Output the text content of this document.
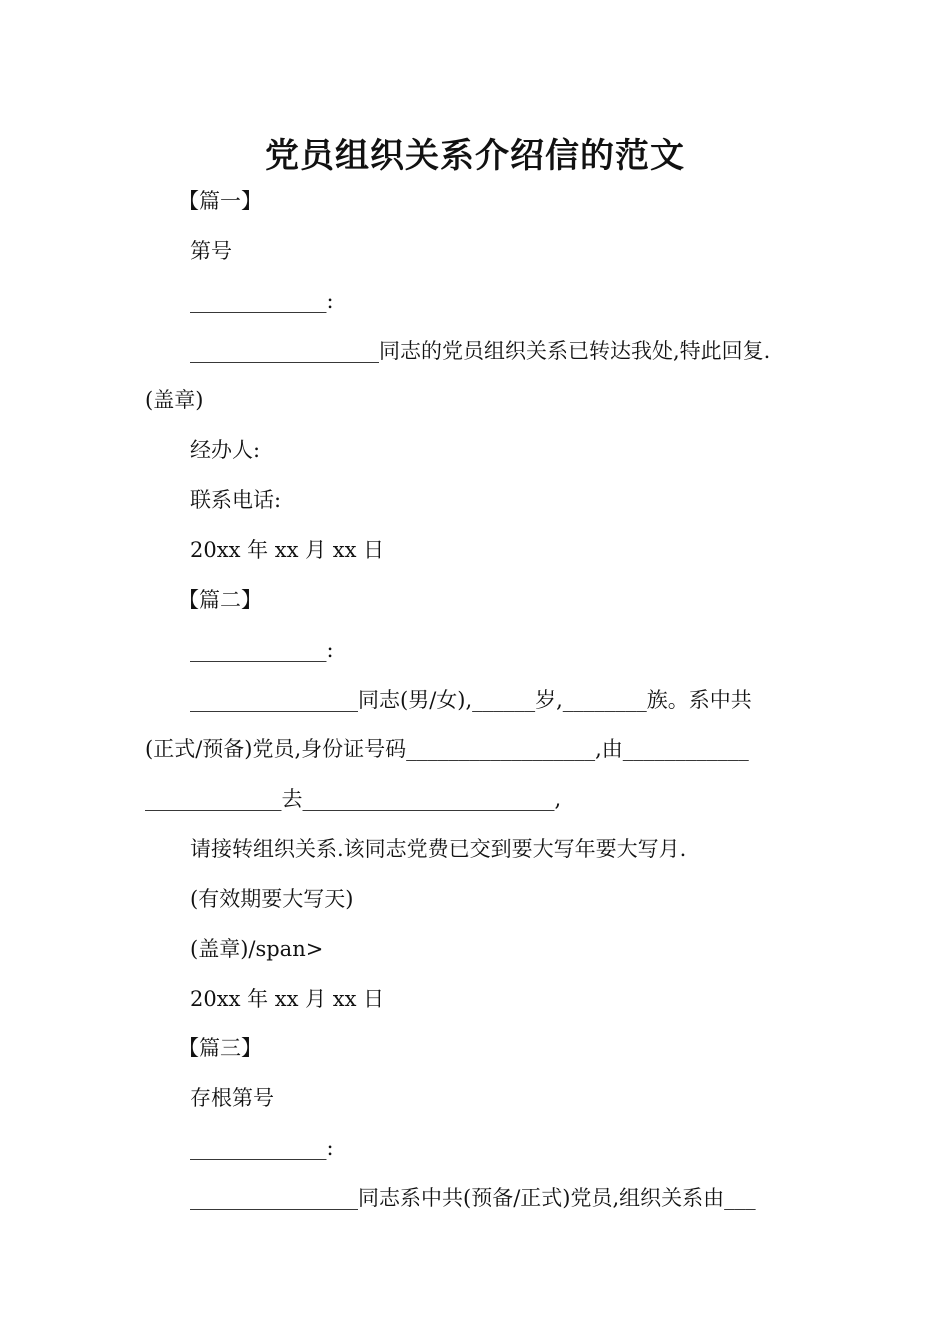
党员组织关系介绍信的范文
【篇一】
第号
_____________:
__________________同志的党员组织关系已转达我处,特此回复.
(盖章)
经办人:
联系电话:
20xx 年 xx 月 xx 日
【篇二】
_____________:
________________同志(男/女),______岁,________族。系中共
(正式/预备)党员,身份证号码__________________,由____________
_____________去________________________,
请接转组织关系.该同志党费已交到要大写年要大写月.
(有效期要大写天)
(盖章)/span>
20xx 年 xx 月 xx 日
【篇三】
存根第号
_____________:
________________同志系中共(预备/正式)党员,组织关系由___
